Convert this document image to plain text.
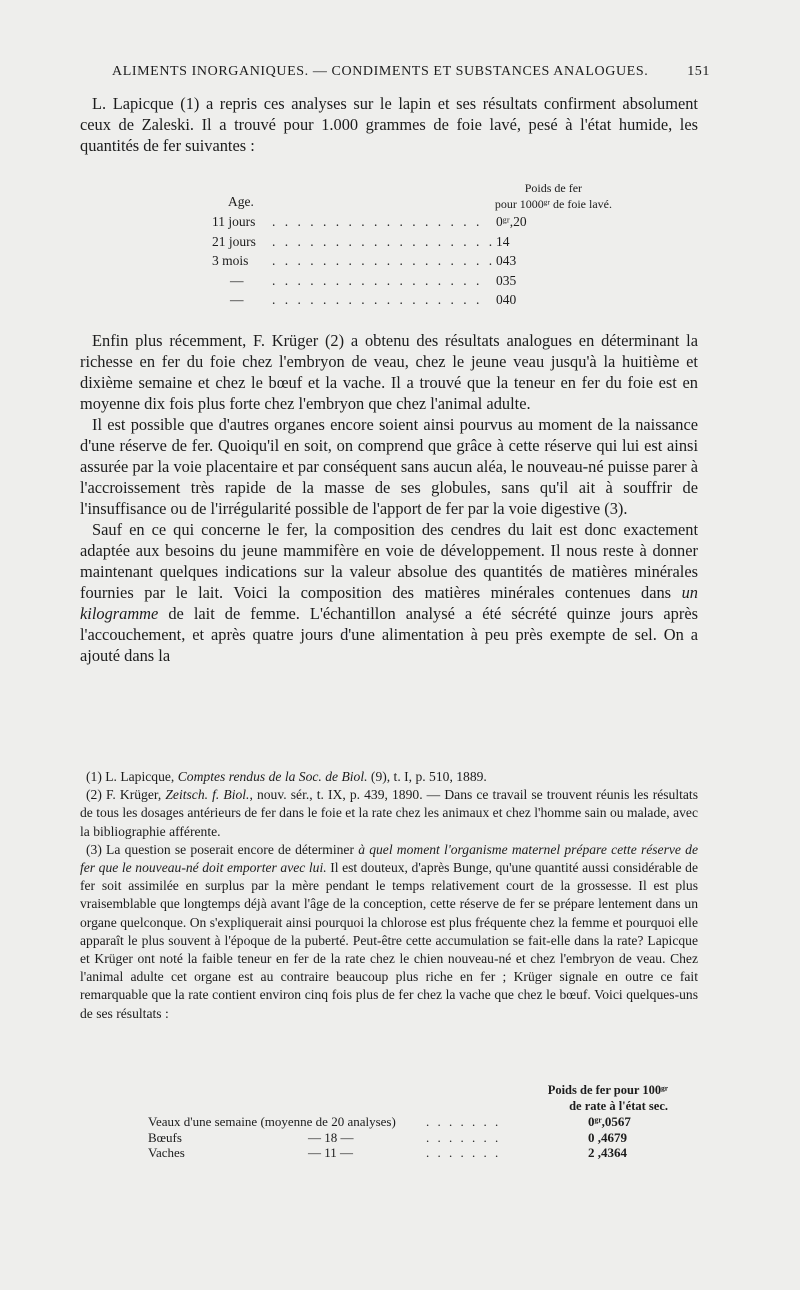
ALIMENTS INORGANIQUES. — CONDIMENTS ET SUBSTANCES ANALOGUES.	151

L. Lapicque (1) a repris ces analyses sur le lapin et ses résultats confirment absolument ceux de Zaleski. Il a trouvé pour 1.000 grammes de foie lavé, pesé à l'état humide, les quantités de fer suivantes :

Age.
Poids de fer
pour 1000ᵍʳ de foie lavé.
11 jours . . . . . . . . . . . . . . . . . 0ᵍʳ,20
21 jours . . . . . . . . . . . . . . . . . . 14
3 mois . . . . . . . . . . . . . . . . . . 043
— . . . . . . . . . . . . . . . . . 035
— . . . . . . . . . . . . . . . . . 040

Enfin plus récemment, F. Krüger (2) a obtenu des résultats analogues en déterminant la richesse en fer du foie chez l'embryon de veau, chez le jeune veau jusqu'à la huitième et dixième semaine et chez le bœuf et la vache. Il a trouvé que la teneur en fer du foie est en moyenne dix fois plus forte chez l'embryon que chez l'animal adulte.

Il est possible que d'autres organes encore soient ainsi pourvus au moment de la naissance d'une réserve de fer. Quoiqu'il en soit, on comprend que grâce à cette réserve qui lui est ainsi assurée par la voie placentaire et par conséquent sans aucun aléa, le nouveau-né puisse parer à l'accroissement très rapide de la masse de ses globules, sans qu'il ait à souffrir de l'insuffisance ou de l'irrégularité possible de l'apport de fer par la voie digestive (3).

Sauf en ce qui concerne le fer, la composition des cendres du lait est donc exactement adaptée aux besoins du jeune mammifère en voie de développement. Il nous reste à donner maintenant quelques indications sur la valeur absolue des quantités de matières minérales fournies par le lait. Voici la composition des matières minérales contenues dans un kilogramme de lait de femme. L'échantillon analysé a été sécrété quinze jours après l'accouchement, et après quatre jours d'une alimentation à peu près exempte de sel. On a ajouté dans la

(1) L. Lapicque, Comptes rendus de la Soc. de Biol. (9), t. I, p. 510, 1889.

(2) F. Krüger, Zeitsch. f. Biol., nouv. sér., t. IX, p. 439, 1890. — Dans ce travail se trouvent réunis les résultats de tous les dosages antérieurs de fer dans le foie et la rate chez les animaux et chez l'homme sain ou malade, avec la bibliographie afférente.

(3) La question se poserait encore de déterminer à quel moment l'organisme maternel prépare cette réserve de fer que le nouveau-né doit emporter avec lui. Il est douteux, d'après Bunge, qu'une quantité aussi considérable de fer soit assimilée en surplus par la mère pendant le temps relativement court de la grossesse. Il est plus vraisemblable que longtemps déjà avant l'âge de la conception, cette réserve de fer se prépare lentement dans un organe quelconque. On s'expliquerait ainsi pourquoi la chlorose est plus fréquente chez la femme et pourquoi elle apparaît le plus souvent à l'époque de la puberté. Peut-être cette accumulation se fait-elle dans la rate? Lapicque et Krüger ont noté la faible teneur en fer de la rate chez le chien nouveau-né et chez l'embryon de veau. Chez l'animal adulte cet organe est au contraire beaucoup plus riche en fer ; Krüger signale en outre ce fait remarquable que la rate contient environ cinq fois plus de fer chez la vache que chez le bœuf. Voici quelques-uns de ses résultats :

Poids de fer pour 100ᵍʳ
de rate à l'état sec.
Veaux d'une semaine (moyenne de 20 analyses) . . . . . . .	0ᵍʳ,0567
Bœufs	— 18 —	. . . . . . .	0 ,4679
Vaches	— 11 —	. . . . . . .	2 ,4364
